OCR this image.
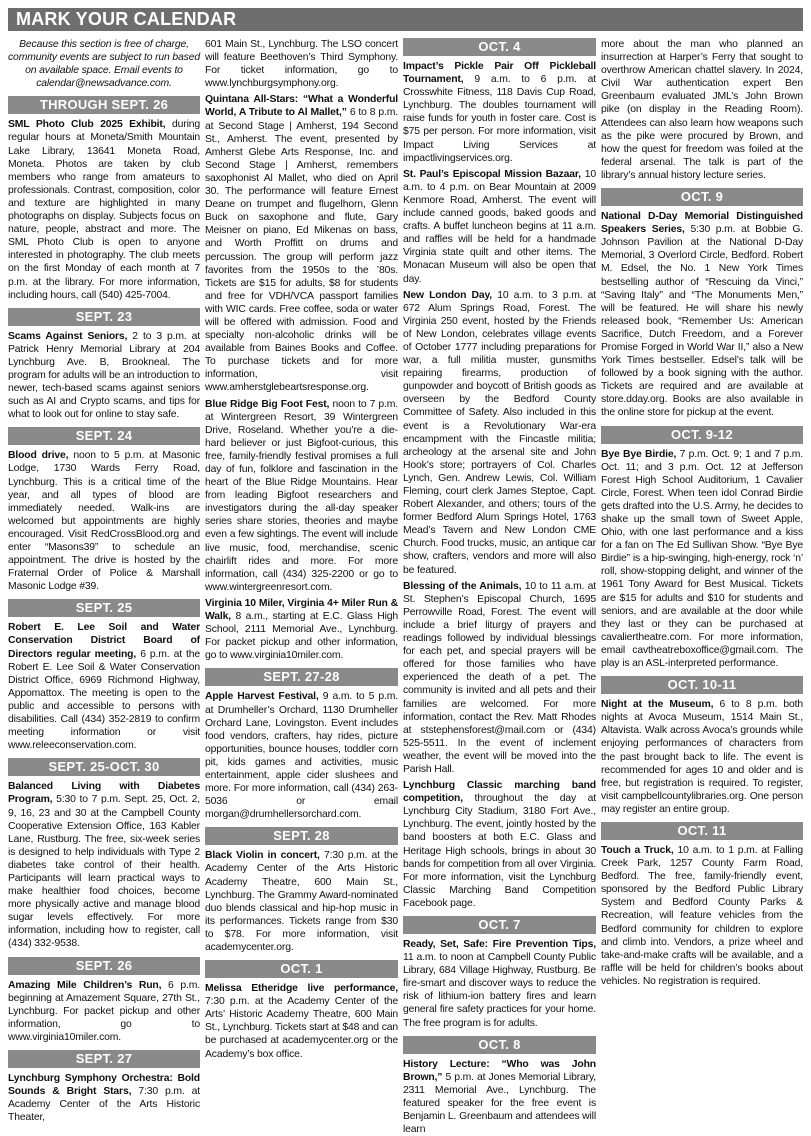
MARK YOUR CALENDAR
Because this section is free of charge, community events are subject to run based on available space. Email events to calendar@newsadvance.com.
THROUGH SEPT. 26
SML Photo Club 2025 Exhibit, during regular hours at Moneta/Smith Mountain Lake Library, 13641 Moneta Road, Moneta. Photos are taken by club members who range from amateurs to professionals. Contrast, composition, color and texture are highlighted in many photographs on display. Subjects focus on nature, people, abstract and more. The SML Photo Club is open to anyone interested in photography. The club meets on the first Monday of each month at 7 p.m. at the library. For more information, including hours, call (540) 425-7004.
SEPT. 23
Scams Against Seniors, 2 to 3 p.m. at Patrick Henry Memorial Library at 204 Lynchburg Ave. B, Brookneal. The program for adults will be an introduction to newer, tech-based scams against seniors such as AI and Crypto scams, and tips for what to look out for online to stay safe.
SEPT. 24
Blood drive, noon to 5 p.m. at Masonic Lodge, 1730 Wards Ferry Road, Lynchburg. This is a critical time of the year, and all types of blood are immediately needed. Walk-ins are welcomed but appointments are highly encouraged. Visit RedCrossBlood.org and enter “Masons39” to schedule an appointment. The drive is hosted by the Fraternal Order of Police & Marshall Masonic Lodge #39.
SEPT. 25
Robert E. Lee Soil and Water Conservation District Board of Directors regular meeting, 6 p.m. at the Robert E. Lee Soil & Water Conservation District Office, 6969 Richmond Highway, Appomattox. The meeting is open to the public and accessible to persons with disabilities. Call (434) 352-2819 to confirm meeting information or visit www.releeconservation.com.
SEPT. 25-OCT. 30
Balanced Living with Diabetes Program, 5:30 to 7 p.m. Sept. 25, Oct. 2, 9, 16, 23 and 30 at the Campbell County Cooperative Extension Office, 163 Kabler Lane, Rustburg. The free, six-week series is designed to help individuals with Type 2 diabetes take control of their health. Participants will learn practical ways to make healthier food choices, become more physically active and manage blood sugar levels effectively. For more information, including how to register, call (434) 332-9538.
SEPT. 26
Amazing Mile Children’s Run, 6 p.m. beginning at Amazement Square, 27th St., Lynchburg. For packet pickup and other information, go to www.virginia10miler.com.
SEPT. 27
Lynchburg Symphony Orchestra: Bold Sounds & Bright Stars, 7:30 p.m. at Academy Center of the Arts Historic Theater,
601 Main St., Lynchburg. The LSO concert will feature Beethoven’s Third Symphony. For ticket information, go to www.lynchburgsymphony.org.
Quintana All-Stars: “What a Wonderful World, A Tribute to Al Mallet,” 6 to 8 p.m. at Second Stage | Amherst, 194 Second St., Amherst. The event, presented by Amherst Glebe Arts Response, Inc. and Second Stage | Amherst, remembers saxophonist Al Mallet, who died on April 30. The performance will feature Ernest Deane on trumpet and flugelhorn, Glenn Buck on saxophone and flute, Gary Meisner on piano, Ed Mikenas on bass, and Worth Proffitt on drums and percussion. The group will perform jazz favorites from the 1950s to the ’80s. Tickets are $15 for adults, $8 for students and free for VDH/VCA passport families with WIC cards. Free coffee, soda or water will be offered with admission. Food and specialty non-alcoholic drinks will be available from Baines Books and Coffee. To purchase tickets and for more information, visit www.amherstglebeartsresponse.org.
Blue Ridge Big Foot Fest, noon to 7 p.m. at Wintergreen Resort, 39 Wintergreen Drive, Roseland. Whether you’re a die-hard believer or just Bigfoot-curious, this free, family-friendly festival promises a full day of fun, folklore and fascination in the heart of the Blue Ridge Mountains. Hear from leading Bigfoot researchers and investigators during the all-day speaker series share stories, theories and maybe even a few sightings. The event will include live music, food, merchandise, scenic chairlift rides and more. For more information, call (434) 325-2200 or go to www.wintergreenresort.com.
Virginia 10 Miler, Virginia 4+ Miler Run & Walk, 8 a.m., starting at E.C. Glass High School, 2111 Memorial Ave., Lynchburg. For packet pickup and other information, go to www.virginia10miler.com.
SEPT. 27-28
Apple Harvest Festival, 9 a.m. to 5 p.m. at Drumheller’s Orchard, 1130 Drumheller Orchard Lane, Lovingston. Event includes food vendors, crafters, hay rides, picture opportunities, bounce houses, toddler corn pit, kids games and activities, music entertainment, apple cider slushees and more. For more information, call (434) 263-5036 or email morgan@drumhellersorchard.com.
SEPT. 28
Black Violin in concert, 7:30 p.m. at the Academy Center of the Arts Historic Academy Theatre, 600 Main St., Lynchburg. The Grammy Award-nominated duo blends classical and hip-hop music in its performances. Tickets range from $30 to $78. For more information, visit academycenter.org.
OCT. 1
Melissa Etheridge live performance, 7:30 p.m. at the Academy Center of the Arts’ Historic Academy Theatre, 600 Main St., Lynchburg. Tickets start at $48 and can be purchased at academycenter.org or the Academy’s box office.
OCT. 4
Impact’s Pickle Pair Off Pickleball Tournament, 9 a.m. to 6 p.m. at Crosswhite Fitness, 118 Davis Cup Road, Lynchburg. The doubles tournament will raise funds for youth in foster care. Cost is $75 per person. For more information, visit Impact Living Services at impactlivingservices.org.
St. Paul’s Episcopal Mission Bazaar, 10 a.m. to 4 p.m. on Bear Mountain at 2009 Kenmore Road, Amherst. The event will include canned goods, baked goods and crafts. A buffet luncheon begins at 11 a.m. and raffles will be held for a handmade Virginia state quilt and other items. The Monacan Museum will also be open that day.
New London Day, 10 a.m. to 3 p.m. at 672 Alum Springs Road, Forest. The Virginia 250 event, hosted by the Friends of New London, celebrates village events of October 1777 including preparations for war, a full militia muster, gunsmiths repairing firearms, production of gunpowder and boycott of British goods as overseen by the Bedford County Committee of Safety. Also included in this event is a Revolutionary War-era encampment with the Fincastle militia; archeology at the arsenal site and John Hook’s store; portrayers of Col. Charles Lynch, Gen. Andrew Lewis, Col. William Fleming, court clerk James Steptoe, Capt. Robert Alexander, and others; tours of the former Bedford Alum Springs Hotel, 1763 Mead’s Tavern and New London CME Church. Food trucks, music, an antique car show, crafters, vendors and more will also be featured.
Blessing of the Animals, 10 to 11 a.m. at St. Stephen’s Episcopal Church, 1695 Perrowville Road, Forest. The event will include a brief liturgy of prayers and readings followed by individual blessings for each pet, and special prayers will be offered for those families who have experienced the death of a pet. The community is invited and all pets and their families are welcomed. For more information, contact the Rev. Matt Rhodes at ststephensforest@mail.com or (434) 525-5511. In the event of inclement weather, the event will be moved into the Parish Hall.
Lynchburg Classic marching band competition, throughout the day at Lynchburg City Stadium, 3180 Fort Ave., Lynchburg. The event, jointly hosted by the band boosters at both E.C. Glass and Heritage High schools, brings in about 30 bands for competition from all over Virginia. For more information, visit the Lynchburg Classic Marching Band Competition Facebook page.
OCT. 7
Ready, Set, Safe: Fire Prevention Tips, 11 a.m. to noon at Campbell County Public Library, 684 Village Highway, Rustburg. Be fire-smart and discover ways to reduce the risk of lithium-ion battery fires and learn general fire safety practices for your home. The free program is for adults.
OCT. 8
History Lecture: “Who was John Brown,” 5 p.m. at Jones Memorial Library, 2311 Memorial Ave., Lynchburg. The featured speaker for the free event is Benjamin L. Greenbaum and attendees will learn
more about the man who planned an insurrection at Harper’s Ferry that sought to overthrow American chattel slavery. In 2024, Civil War authentication expert Ben Greenbaum evaluated JML’s John Brown pike (on display in the Reading Room). Attendees can also learn how weapons such as the pike were procured by Brown, and how the quest for freedom was foiled at the federal arsenal. The talk is part of the library’s annual history lecture series.
OCT. 9
National D-Day Memorial Distinguished Speakers Series, 5:30 p.m. at Bobbie G. Johnson Pavilion at the National D-Day Memorial, 3 Overlord Circle, Bedford. Robert M. Edsel, the No. 1 New York Times bestselling author of “Rescuing da Vinci,” “Saving Italy” and “The Monuments Men,” will be featured. He will share his newly released book, “Remember Us: American Sacrifice, Dutch Freedom, and a Forever Promise Forged in World War II,” also a New York Times bestseller. Edsel’s talk will be followed by a book signing with the author. Tickets are required and are available at store.dday.org. Books are also available in the online store for pickup at the event.
OCT. 9-12
Bye Bye Birdie, 7 p.m. Oct. 9; 1 and 7 p.m. Oct. 11; and 3 p.m. Oct. 12 at Jefferson Forest High School Auditorium, 1 Cavalier Circle, Forest. When teen idol Conrad Birdie gets drafted into the U.S. Army, he decides to shake up the small town of Sweet Apple, Ohio, with one last performance and a kiss for a fan on The Ed Sullivan Show. “Bye Bye Birdie” is a hip-swinging, high-energy, rock ‘n’ roll, show-stopping delight, and winner of the 1961 Tony Award for Best Musical. Tickets are $15 for adults and $10 for students and seniors, and are available at the door while they last or they can be purchased at cavaliertheatre.com. For more information, email cavtheatreboxoffice@gmail.com. The play is an ASL-interpreted performance.
OCT. 10-11
Night at the Museum, 6 to 8 p.m. both nights at Avoca Museum, 1514 Main St., Altavista. Walk across Avoca’s grounds while enjoying performances of characters from the past brought back to life. The event is recommended for ages 10 and older and is free, but registration is required. To register, visit campbellcountylibraries.org. One person may register an entire group.
OCT. 11
Touch a Truck, 10 a.m. to 1 p.m. at Falling Creek Park, 1257 County Farm Road, Bedford. The free, family-friendly event, sponsored by the Bedford Public Library System and Bedford County Parks & Recreation, will feature vehicles from the Bedford community for children to explore and climb into. Vendors, a prize wheel and take-and-make crafts will be available, and a raffle will be held for children’s books about vehicles. No registration is required.
